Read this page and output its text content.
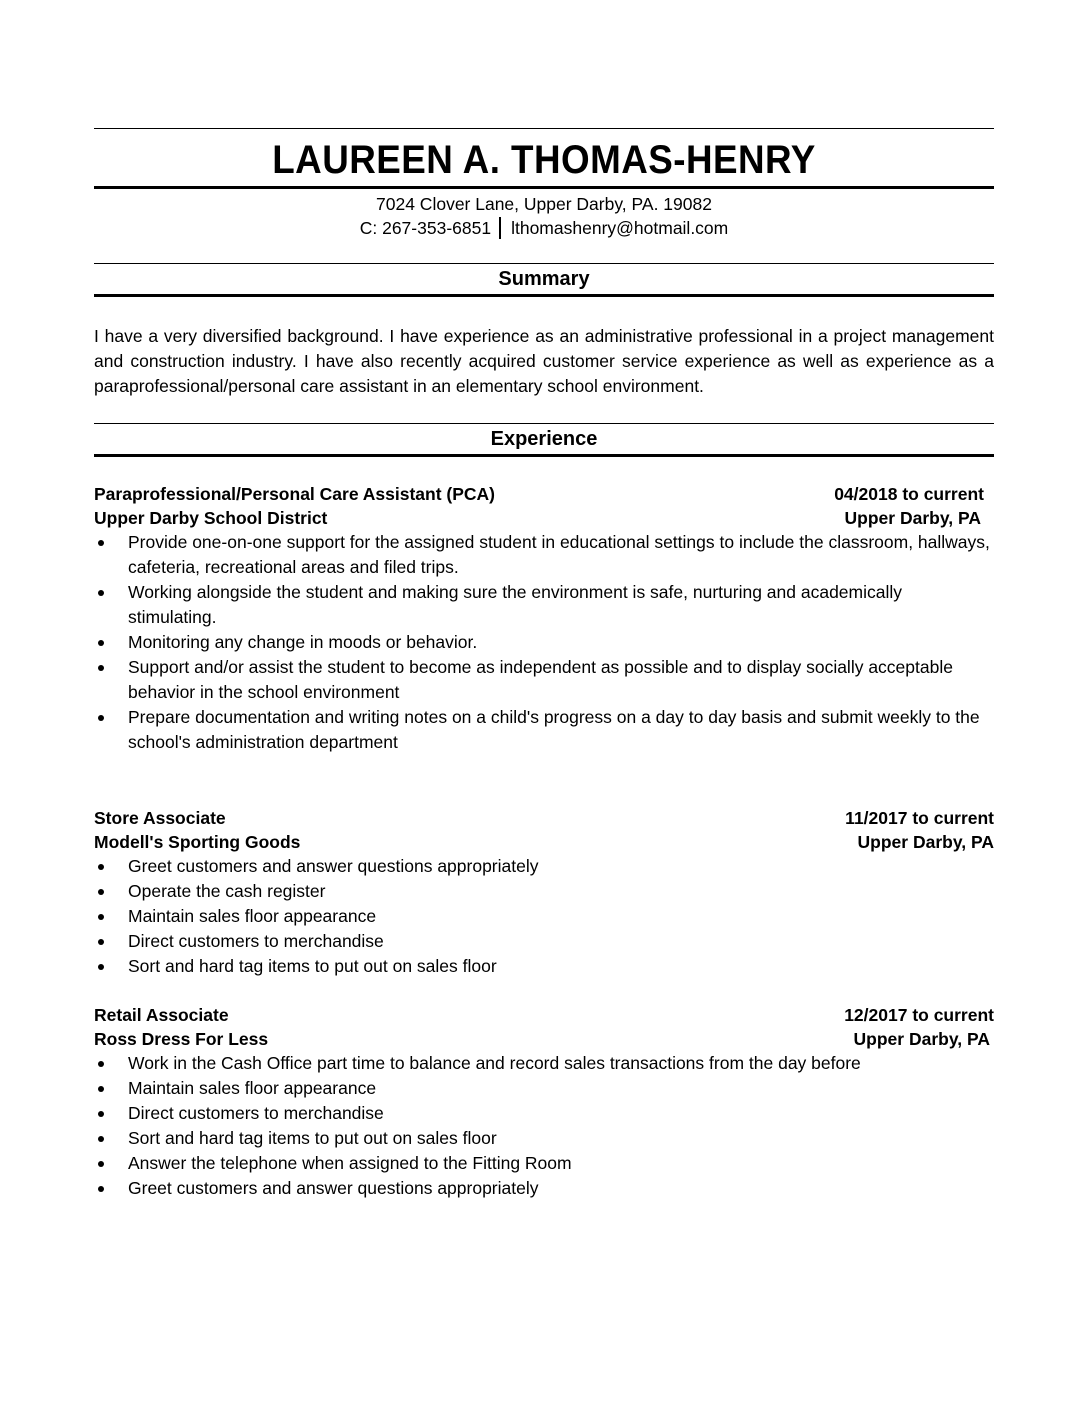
LAUREEN A. THOMAS-HENRY
7024 Clover Lane, Upper Darby, PA. 19082
C: 267-353-6851 lthomashenry@hotmail.com
Summary
I have a very diversified background. I have experience as an administrative professional in a project management and construction industry. I have also recently acquired customer service experience as well as experience as a paraprofessional/personal care assistant in an elementary school environment.
Experience
Paraprofessional/Personal Care Assistant (PCA)	04/2018 to current
Upper Darby School District	Upper Darby, PA
Provide one-on-one support for the assigned student in educational settings to include the classroom, hallways, cafeteria, recreational areas and filed trips.
Working alongside the student and making sure the environment is safe, nurturing and academically stimulating.
Monitoring any change in moods or behavior.
Support and/or assist the student to become as independent as possible and to display socially acceptable behavior in the school environment
Prepare documentation and writing notes on a child's progress on a day to day basis and submit weekly to the school's administration department
Store Associate	11/2017 to current
Modell's Sporting Goods	Upper Darby, PA
Greet customers and answer questions appropriately
Operate the cash register
Maintain sales floor appearance
Direct customers to merchandise
Sort and hard tag items to put out on sales floor
Retail Associate	12/2017 to current
Ross Dress For Less	Upper Darby, PA
Work in the Cash Office part time to balance and record sales transactions from the day before
Maintain sales floor appearance
Direct customers to merchandise
Sort and hard tag items to put out on sales floor
Answer the telephone when assigned to the Fitting Room
Greet customers and answer questions appropriately
